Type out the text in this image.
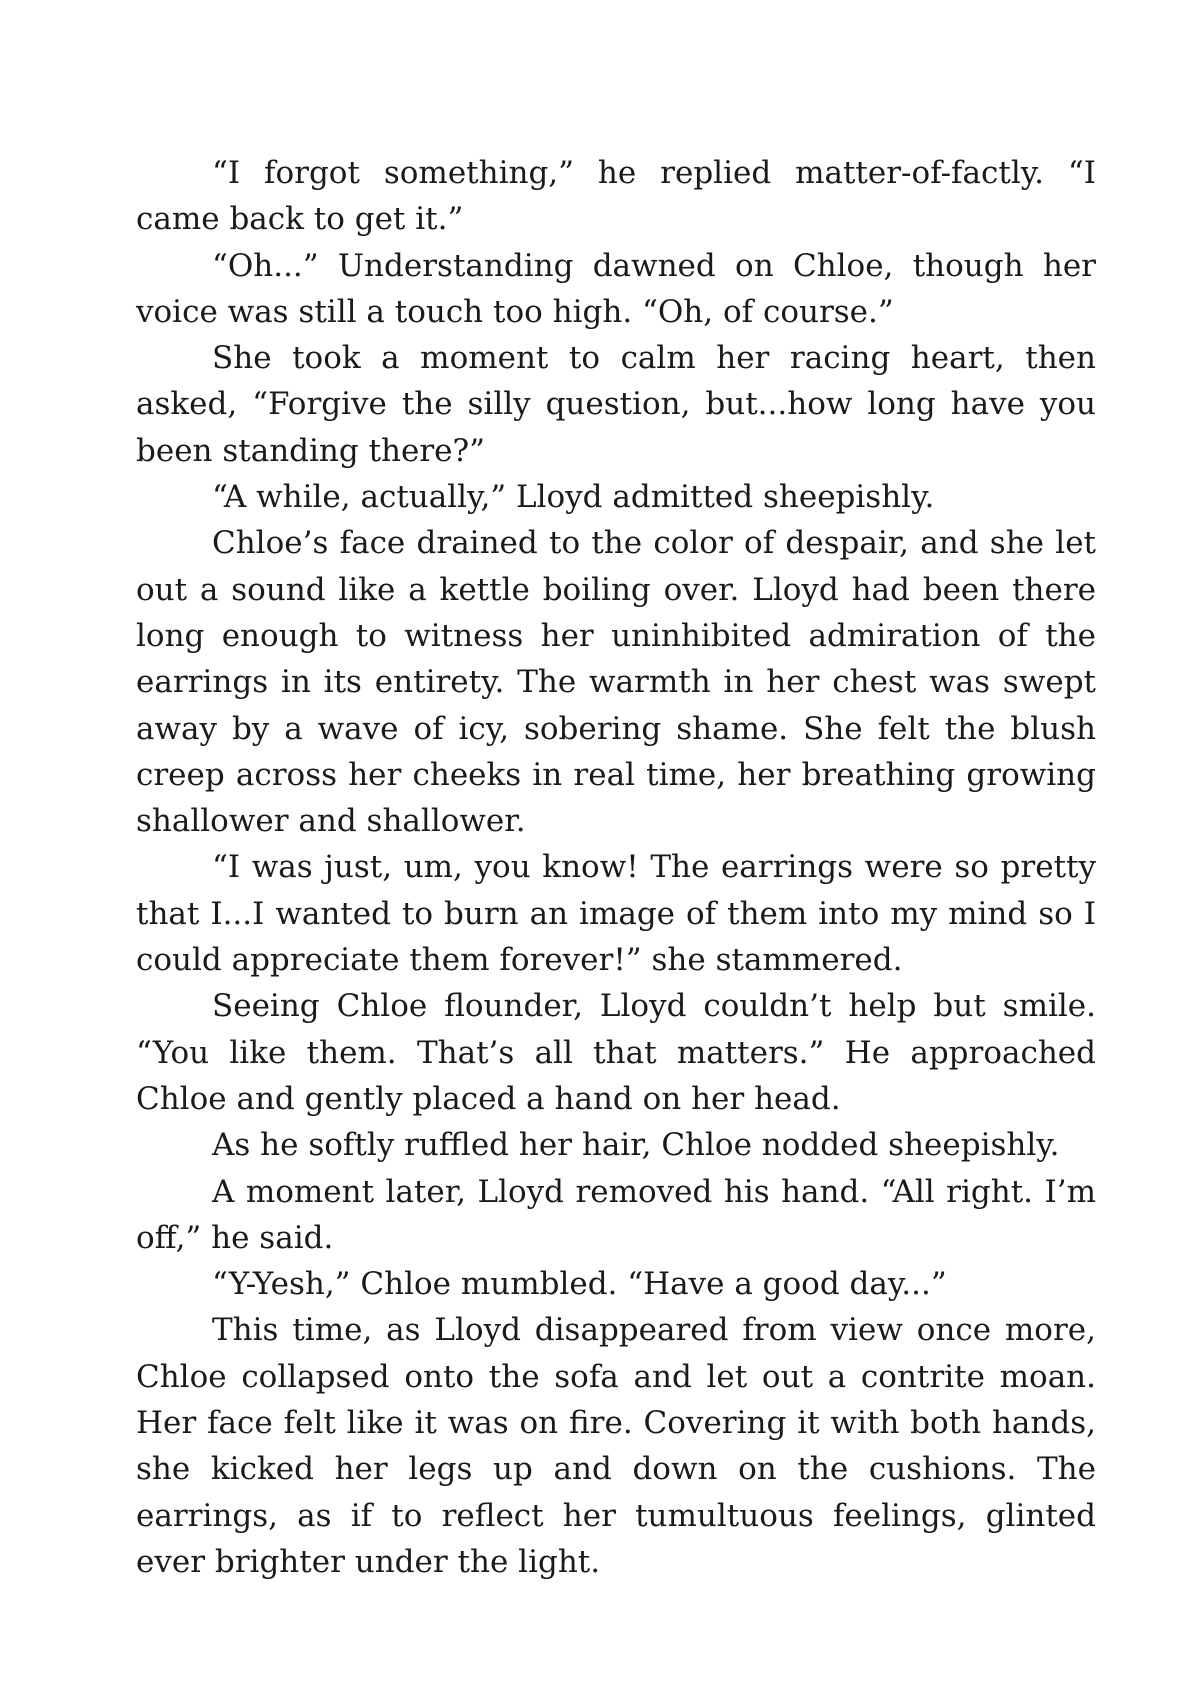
“I forgot something,” he replied matter-of-factly. “I came back to get it.”

“Oh...” Understanding dawned on Chloe, though her voice was still a touch too high. “Oh, of course.”

She took a moment to calm her racing heart, then asked, “Forgive the silly question, but...how long have you been standing there?”

“A while, actually,” Lloyd admitted sheepishly.

Chloe’s face drained to the color of despair, and she let out a sound like a kettle boiling over. Lloyd had been there long enough to witness her uninhibited admiration of the earrings in its entirety. The warmth in her chest was swept away by a wave of icy, sobering shame. She felt the blush creep across her cheeks in real time, her breathing growing shallower and shallower.

“I was just, um, you know! The earrings were so pretty that I...I wanted to burn an image of them into my mind so I could appreciate them forever!” she stammered.

Seeing Chloe flounder, Lloyd couldn’t help but smile. “You like them. That’s all that matters.” He approached Chloe and gently placed a hand on her head.

As he softly ruffled her hair, Chloe nodded sheepishly.

A moment later, Lloyd removed his hand. “All right. I’m off,” he said.

“Y-Yesh,” Chloe mumbled. “Have a good day...”

This time, as Lloyd disappeared from view once more, Chloe collapsed onto the sofa and let out a contrite moan. Her face felt like it was on fire. Covering it with both hands, she kicked her legs up and down on the cushions. The earrings, as if to reflect her tumultuous feelings, glinted ever brighter under the light.
